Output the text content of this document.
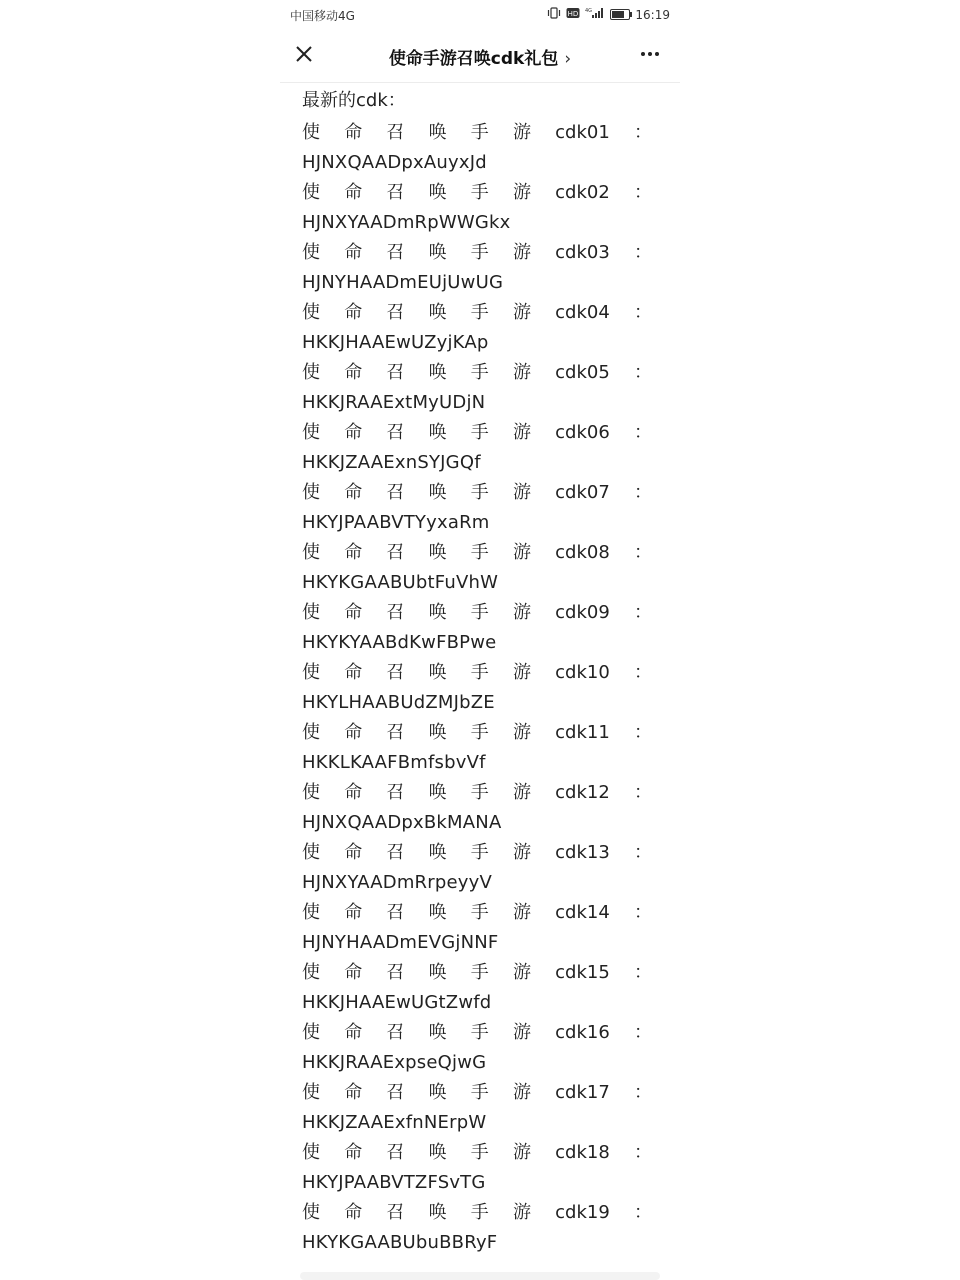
中国移动4G	HD 4G	16:19
使命手游召唤cdk礼包 ›
最新的cdk：
使 命 召 唤 手 游 cdk01 ：
HJNXQAADpxAuyxJd
使 命 召 唤 手 游 cdk02 ：
HJNXYAADmRpWWGkx
使 命 召 唤 手 游 cdk03 ：
HJNYHAADmEUjUwUG
使 命 召 唤 手 游 cdk04 ：
HKKJHAAEwUZyjKAp
使 命 召 唤 手 游 cdk05 ：
HKKJRAAExtMyUDjN
使 命 召 唤 手 游 cdk06 ：
HKKJZAAExnSYJGQf
使 命 召 唤 手 游 cdk07 ：
HKYJPAABVTYyxaRm
使 命 召 唤 手 游 cdk08 ：
HKYKGAABUbtFuVhW
使 命 召 唤 手 游 cdk09 ：
HKYKYAABdKwFBPwe
使 命 召 唤 手 游 cdk10 ：
HKYLHAABUdZMJbZE
使 命 召 唤 手 游 cdk11 ：
HKKLKAAFBmfsbvVf
使 命 召 唤 手 游 cdk12 ：
HJNXQAADpxBkMANA
使 命 召 唤 手 游 cdk13 ：
HJNXYAADmRrpeyyV
使 命 召 唤 手 游 cdk14 ：
HJNYHAADmEVGjNNF
使 命 召 唤 手 游 cdk15 ：
HKKJHAAEwUGtZwfd
使 命 召 唤 手 游 cdk16 ：
HKKJRAAExpseQjwG
使 命 召 唤 手 游 cdk17 ：
HKKJZAAExfnNErpW
使 命 召 唤 手 游 cdk18 ：
HKYJPAABVTZFSvTG
使 命 召 唤 手 游 cdk19 ：
HKYKGAABUbuBBRyF
